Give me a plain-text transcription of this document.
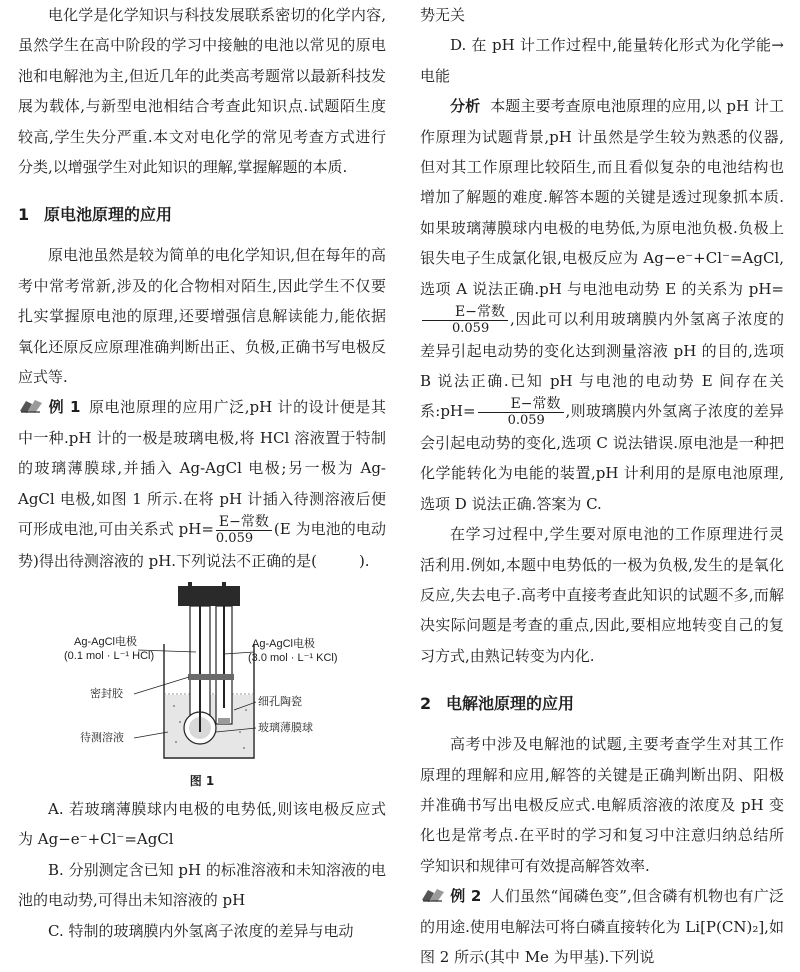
电化学是化学知识与科技发展联系密切的化学内容,虽然学生在高中阶段的学习中接触的电池以常见的原电池和电解池为主,但近几年的此类高考题常以最新科技发展为载体,与新型电池相结合考查此知识点.试题陌生度较高,学生失分严重.本文对电化学的常见考查方式进行分类,以增强学生对此知识的理解,掌握解题的本质.

1 原电池原理的应用

原电池虽然是较为简单的电化学知识,但在每年的高考中常考常新,涉及的化合物相对陌生,因此学生不仅要扎实掌握原电池的原理,还要增强信息解读能力,能依据氧化还原反应原理准确判断出正、负极,正确书写电极反应式等.

例 1 原电池原理的应用广泛,pH 计的设计便是其中一种.pH 计的一极是玻璃电极,将 HCl 溶液置于特制的玻璃薄膜球,并插入 Ag-AgCl 电极;另一极为 Ag-AgCl 电极,如图 1 所示.在将 pH 计插入待测溶液后便可形成电池,可由关系式 $pH= \frac{\text{E−常数}}{0.059} (E$ 为电池的电动势)得出待测溶液的 pH.下列说法不正确的是(	).

Ag-AgCl电极
(0.1 mol · L⁻¹ HCl)
Ag-AgCl电极
(3.0 mol · L⁻¹ KCl)
密封胶
细孔陶瓷
待测溶液
玻璃薄膜球
图 1

A. 若玻璃薄膜球内电极的电势低,则该电极反应式为 Ag−e⁻+Cl⁻=AgCl

B. 分别测定含已知 pH 的标准溶液和未知溶液的电池的电动势,可得出未知溶液的 pH

C. 特制的玻璃膜内外氢离子浓度的差异与电动

势无关

D. 在 pH 计工作过程中,能量转化形式为化学能→电能

分析 本题主要考查原电池原理的应用,以 pH 计工作原理为试题背景,pH 计虽然是学生较为熟悉的仪器,但对其工作原理比较陌生,而且看似复杂的电池结构也增加了解题的难度.解答本题的关键是透过现象抓本质.如果玻璃薄膜球内电极的电势低,为原电池负极.负极上银失电子生成氯化银,电极反应为 Ag−e⁻+Cl⁻=AgCl,选项 A 说法正确.pH 与电池电动势 E 的关系为 pH=
$\frac{\text{E−常数}}{0.059}$ ,因此可以利用玻璃膜内外氢离子浓度的差异引起电动势的变化达到测量溶液 pH 的目的,选项 B 说法正确.已知 pH 与电池的电动势 E 间存在关系:pH= $\frac{\text{E−常数}}{0.059}$ ,则玻璃膜内外氢离子浓度的差异会引起电动势的变化,选项 C 说法错误.原电池是一种把化学能转化为电能的装置,pH 计利用的是原电池原理,选项 D 说法正确.答案为 C.

在学习过程中,学生要对原电池的工作原理进行灵活利用.例如,本题中电势低的一极为负极,发生的是氧化反应,失去电子.高考中直接考查此知识的试题不多,而解决实际问题是考查的重点,因此,要相应地转变自己的复习方式,由熟记转变为内化.

2 电解池原理的应用

高考中涉及电解池的试题,主要考查学生对其工作原理的理解和应用,解答的关键是正确判断出阴、阳极并准确书写出电极反应式.电解质溶液的浓度及 pH 变化也是常考点.在平时的学习和复习中注意归纳总结所学知识和规律可有效提高解答效率.

例 2 人们虽然“闻磷色变”,但含磷有机物也有广泛的用途.使用电解法可将白磷直接转化为 Li[P(CN)₂],如图 2 所示(其中 Me 为甲基).下列说
